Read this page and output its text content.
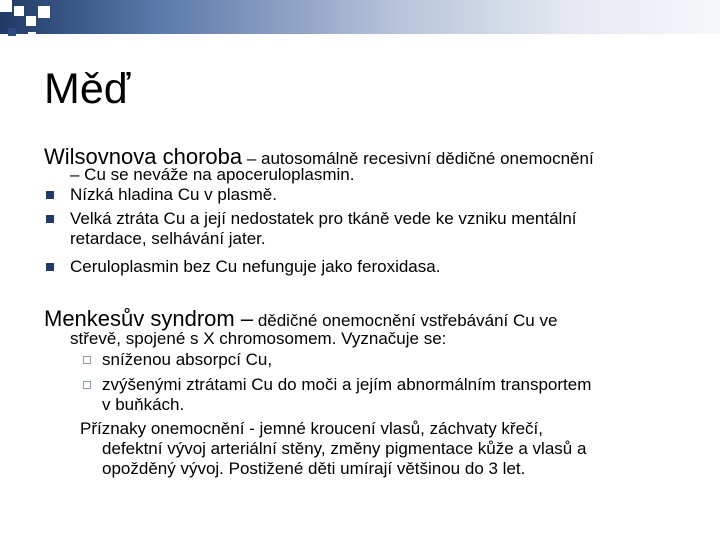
Měď
Wilsovnova choroba – autosomálně recesivní dědičné onemocnění
– Cu se neváže na apoceruloplasmin.
Nízká hladina Cu v plasmě.
Velká ztráta Cu a její nedostatek pro tkáně vede ke vzniku mentální
retardace, selhávání jater.
Ceruloplasmin bez Cu nefunguje jako feroxidasa.
Menkesův syndrom – dědičné onemocnění vstřebávání Cu ve
střevě, spojené s X chromosomem. Vyznačuje se:
sníženou absorpcí Cu,
zvýšenými ztrátami Cu do moči a jejím abnormálním transportem
v buňkách.
Příznaky onemocnění - jemné kroucení vlasů, záchvaty křečí,
defektní vývoj arteriální stěny, změny pigmentace kůže a vlasů a
opožděný vývoj. Postižené děti umírají většinou do 3 let.
